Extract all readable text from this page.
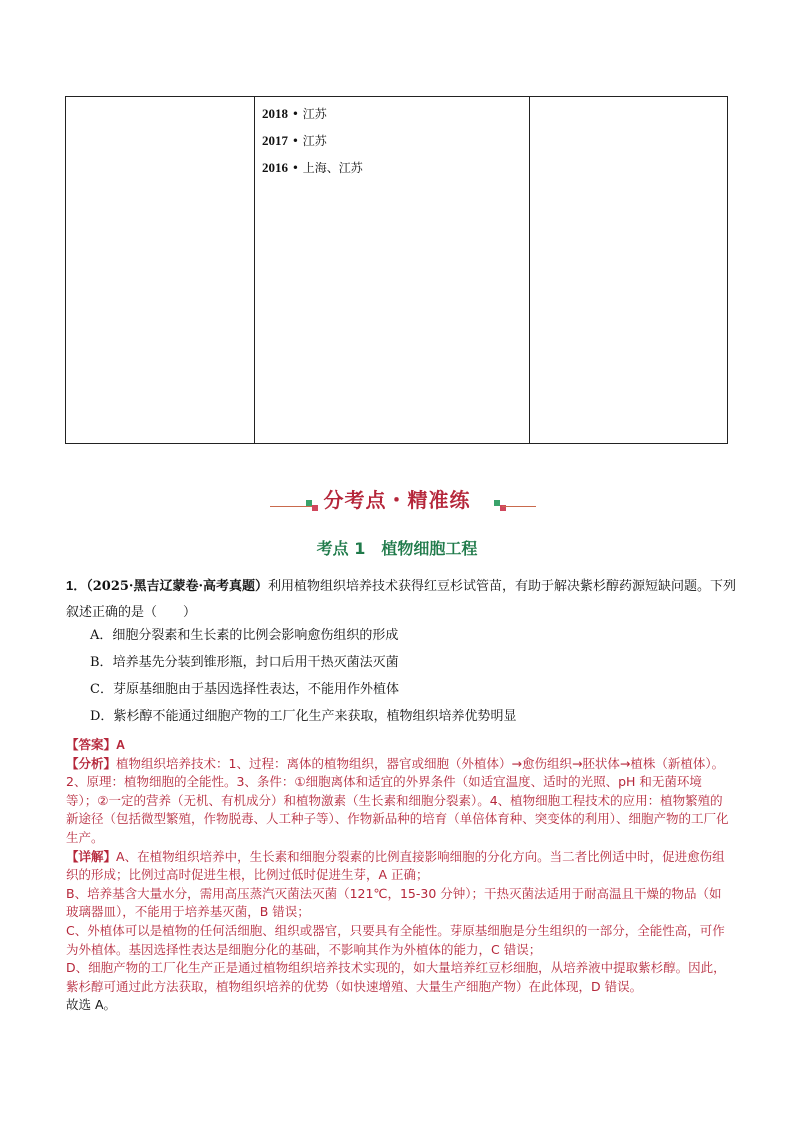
2018 • 江苏
2017 • 江苏
2016 • 上海、江苏
分考点・精准练
考点 1　植物细胞工程
1．（2025·黑吉辽蒙卷·高考真题）利用植物组织培养技术获得红豆杉试管苗，有助于解决紫杉醇药源短缺问题。下列叙述正确的是（　　）
A．细胞分裂素和生长素的比例会影响愈伤组织的形成
B．培养基先分装到锥形瓶，封口后用干热灭菌法灭菌
C．芽原基细胞由于基因选择性表达，不能用作外植体
D．紫杉醇不能通过细胞产物的工厂化生产来获取，植物组织培养优势明显

【答案】A

【分析】植物组织培养技术：1、过程：离体的植物组织，器官或细胞（外植体）→愈伤组织→胚状体→植株（新植体）。2、原理：植物细胞的全能性。3、条件：①细胞离体和适宜的外界条件（如适宜温度、适时的光照、pH 和无菌环境等）；②一定的营养（无机、有机成分）和植物激素（生长素和细胞分裂素）。4、植物细胞工程技术的应用：植物繁殖的新途径（包括微型繁殖，作物脱毒、人工种子等）、作物新品种的培育（单倍体育种、突变体的利用）、细胞产物的工厂化生产。

【详解】A、在植物组织培养中，生长素和细胞分裂素的比例直接影响细胞的分化方向。当二者比例适中时，促进愈伤组织的形成；比例过高时促进生根，比例过低时促进生芽，A 正确；

B、培养基含大量水分，需用高压蒸汽灭菌法灭菌（121℃，15-30 分钟）；干热灭菌法适用于耐高温且干燥的物品（如玻璃器皿），不能用于培养基灭菌，B 错误；

C、外植体可以是植物的任何活细胞、组织或器官，只要具有全能性。芽原基细胞是分生组织的一部分，全能性高，可作为外植体。基因选择性表达是细胞分化的基础，不影响其作为外植体的能力，C 错误；

D、细胞产物的工厂化生产正是通过植物组织培养技术实现的，如大量培养红豆杉细胞，从培养液中提取紫杉醇。因此，紫杉醇可通过此方法获取，植物组织培养的优势（如快速增殖、大量生产细胞产物）在此体现，D 错误。

故选 A。
